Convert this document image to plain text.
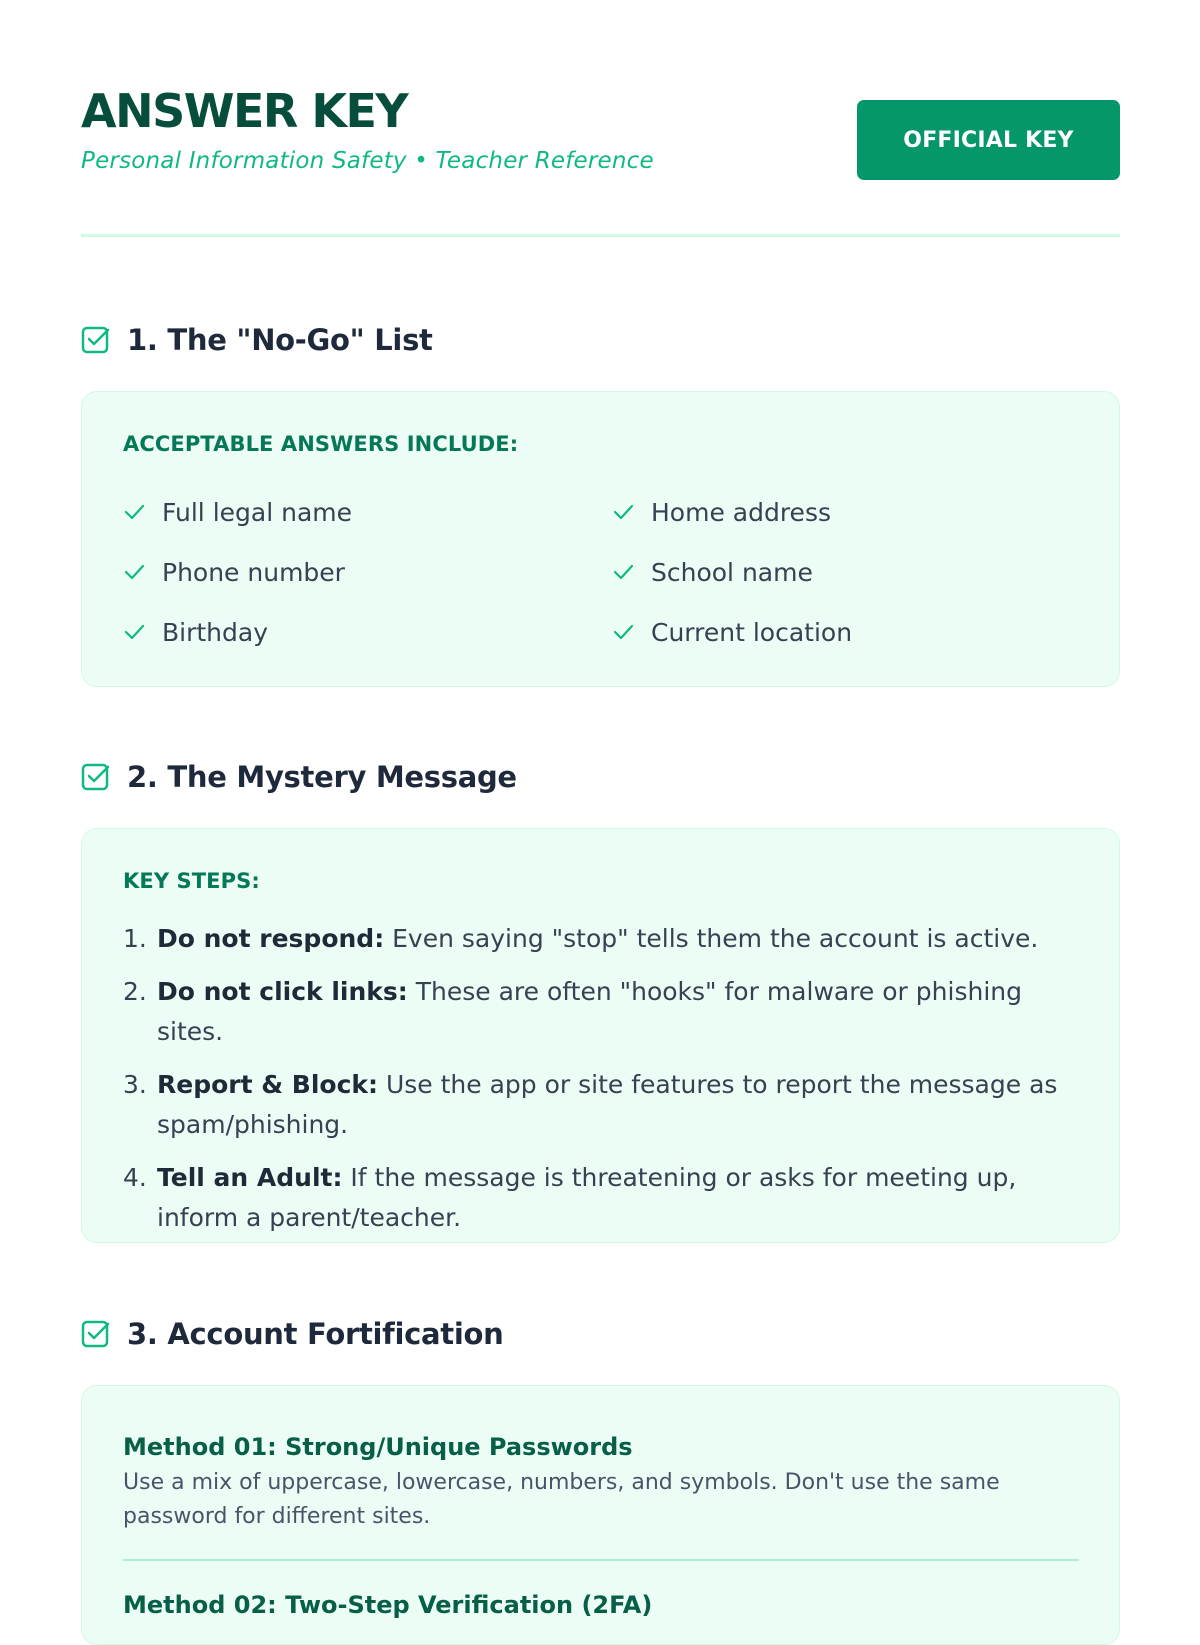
ANSWER KEY

Personal Information Safety • Teacher Reference

OFFICIAL KEY
1. The "No-Go" List

ACCEPTABLE ANSWERS INCLUDE:

Full legal name	Home address
Phone number	School name
Birthday	Current location
2. The Mystery Message

KEY STEPS:

1. Do not respond: Even saying "stop" tells them the account is active.
2. Do not click links: These are often "hooks" for malware or phishing sites.
3. Report & Block: Use the app or site features to report the message as spam/phishing.
4. Tell an Adult: If the message is threatening or asks for meeting up, inform a parent/teacher.
3. Account Fortification

Method 01: Strong/Unique Passwords

Use a mix of uppercase, lowercase, numbers, and symbols. Don't use the same password for different sites.

Method 02: Two-Step Verification (2FA)
